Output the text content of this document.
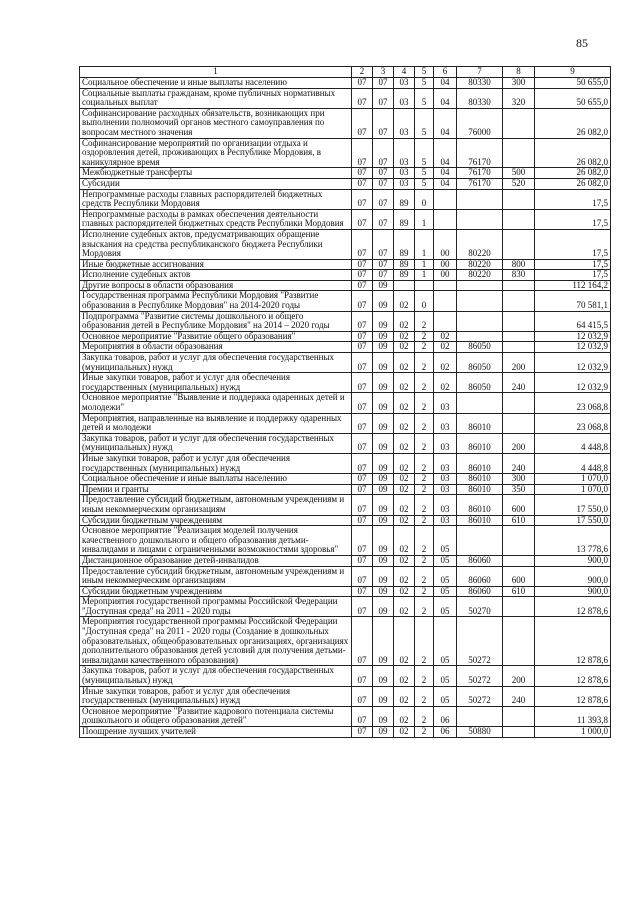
85
1	2	3	4	5	6	7	8	9
Социальное обеспечение и иные выплаты населению	07	07	03	5	04	80330	300	50 655,0
Социальные выплаты гражданам, кроме публичных нормативных социальных выплат	07	07	03	5	04	80330	320	50 655,0
Софинансирование расходных обязательств, возникающих при выполнении полномочий органов местного самоуправления по вопросам местного значения	07	07	03	5	04	76000		26 082,0
Софинансирование мероприятий по организации отдыха и оздоровления детей, проживающих в Республике Мордовия, в каникулярное время	07	07	03	5	04	76170		26 082,0
Межбюджетные трансферты	07	07	03	5	04	76170	500	26 082,0
Субсидии	07	07	03	5	04	76170	520	26 082,0
Непрограммные расходы главных распорядителей бюджетных средств Республики Мордовия	07	07	89	0				17,5
Непрограммные расходы в рамках обеспечения деятельности главных распорядителей бюджетных средств Республики Мордовия	07	07	89	1				17,5
Исполнение судебных актов, предусматривающих обращение взыскания на средства республиканского бюджета Республики Мордовия	07	07	89	1	00	80220		17,5
Иные бюджетные ассигнования	07	07	89	1	00	80220	800	17,5
Исполнение судебных актов	07	07	89	1	00	80220	830	17,5
Другие вопросы в области образования	07	09						112 164,2
Государственная программа Республики Мордовия "Развитие образования в Республике Мордовия" на 2014-2020 годы	07	09	02	0				70 581,1
Подпрограмма "Развитие системы дошкольного и общего образования детей в Республике Мордовия" на 2014 – 2020 годы	07	09	02	2				64 415,5
Основное мероприятие "Развитие общего образования"	07	09	02	2	02			12 032,9
Мероприятия в области образования	07	09	02	2	02	86050		12 032,9
Закупка товаров, работ и услуг для обеспечения государственных (муниципальных) нужд	07	09	02	2	02	86050	200	12 032,9
Иные закупки товаров, работ и услуг для обеспечения государственных (муниципальных) нужд	07	09	02	2	02	86050	240	12 032,9
Основное мероприятие "Выявление и поддержка одаренных детей и молодежи"	07	09	02	2	03			23 068,8
Мероприятия, направленные на выявление и поддержку одаренных детей и молодежи	07	09	02	2	03	86010		23 068,8
Закупка товаров, работ и услуг для обеспечения государственных (муниципальных) нужд	07	09	02	2	03	86010	200	4 448,8
Иные закупки товаров, работ и услуг для обеспечения государственных (муниципальных) нужд	07	09	02	2	03	86010	240	4 448,8
Социальное обеспечение и иные выплаты населению	07	09	02	2	03	86010	300	1 070,0
Премии и гранты	07	09	02	2	03	86010	350	1 070,0
Предоставление субсидий бюджетным, автономным учреждениям и иным некоммерческим организациям	07	09	02	2	03	86010	600	17 550,0
Субсидии бюджетным учреждениям	07	09	02	2	03	86010	610	17 550,0
Основное мероприятие "Реализация моделей получения качественного дошкольного и общего образования детьми-инвалидами и лицами с ограниченными возможностями здоровья"	07	09	02	2	05			13 778,6
Дистанционное образование детей-инвалидов	07	09	02	2	05	86060		900,0
Предоставление субсидий бюджетным, автономным учреждениям и иным некоммерческим организациям	07	09	02	2	05	86060	600	900,0
Субсидии бюджетным учреждениям	07	09	02	2	05	86060	610	900,0
Мероприятия государственной программы Российской Федерации "Доступная среда" на 2011 - 2020 годы	07	09	02	2	05	50270		12 878,6
Мероприятия государственной программы Российской Федерации "Доступная среда" на 2011 - 2020 годы (Создание в дошкольных образовательных, общеобразовательных организациях, организациях дополнительного образования детей условий для получения детьми-инвалидами качественного образования)	07	09	02	2	05	50272		12 878,6
Закупка товаров, работ и услуг для обеспечения государственных (муниципальных) нужд	07	09	02	2	05	50272	200	12 878,6
Иные закупки товаров, работ и услуг для обеспечения государственных (муниципальных) нужд	07	09	02	2	05	50272	240	12 878,6
Основное мероприятие "Развитие кадрового потенциала системы дошкольного и общего образования детей"	07	09	02	2	06			11 393,8
Поощрение лучших учителей	07	09	02	2	06	50880		1 000,0
